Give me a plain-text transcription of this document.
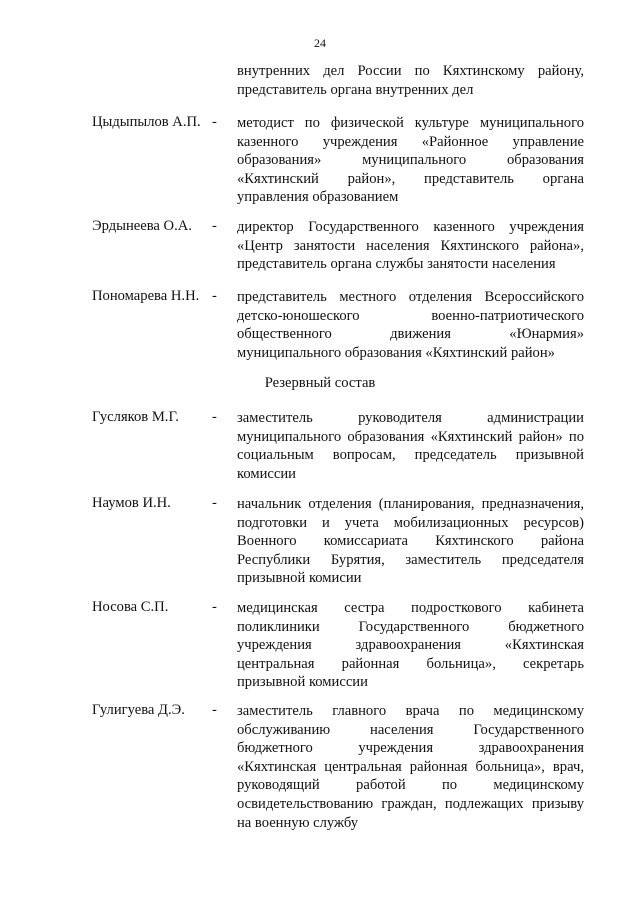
24
внутренних дел России по Кяхтинскому району,
представитель органа внутренних дел
Цыдыпылов А.П. - методист по физической культуре муниципального
казенного учреждения «Районное управление
образования» муниципального образования
«Кяхтинский район», представитель органа
управления образованием
Эрдынеева О.А. - директор Государственного казенного учреждения
«Центр занятости населения Кяхтинского района»,
представитель органа службы занятости населения
Пономарева Н.Н. - представитель местного отделения Всероссийского
детско-юношеского военно-патриотического
общественного движения «Юнармия»
муниципального образования «Кяхтинский район»
Резервный состав
Гусляков М.Г. - заместитель руководителя администрации
муниципального образования «Кяхтинский район» по
социальным вопросам, председатель призывной
комиссии
Наумов И.Н.	- начальник отделения (планирования, предназначения,
подготовки и учета мобилизационных ресурсов)
Военного комиссариата Кяхтинского района
Республики Бурятия, заместитель председателя
призывной комисии
Носова С.П.	- медицинская сестра подросткового кабинета
поликлиники Государственного бюджетного
учреждения здравоохранения «Кяхтинская
центральная районная больница», секретарь
призывной комиссии
Гулигуева Д.Э. - заместитель главного врача по медицинскому
обслуживанию населения Государственного
бюджетного учреждения здравоохранения
«Кяхтинская центральная районная больница», врач,
руководящий работой по медицинскому
освидетельствованию граждан, подлежащих призыву
на военную службу
